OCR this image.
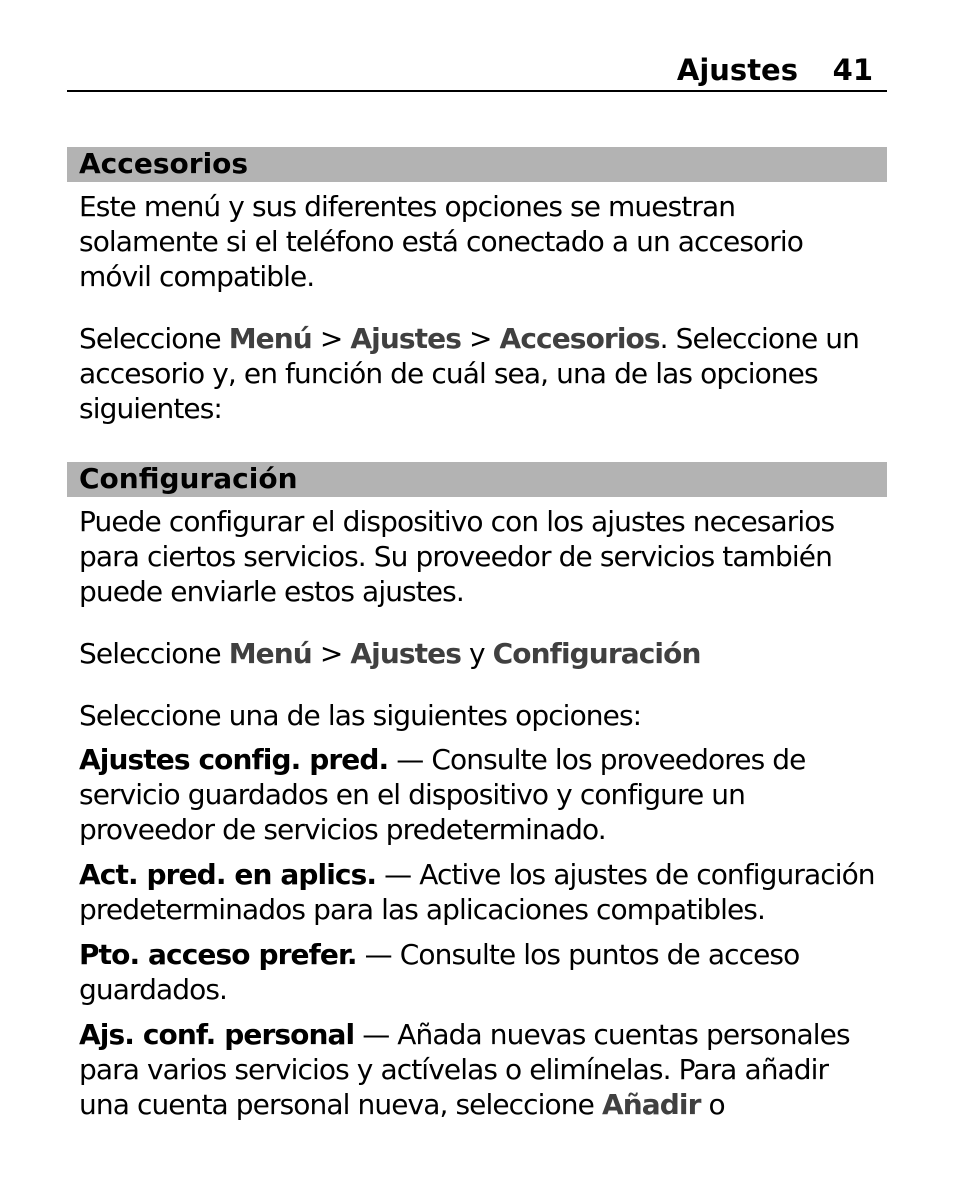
Ajustes 41
Accesorios

Este menú y sus diferentes opciones se muestran
solamente si el teléfono está conectado a un accesorio
móvil compatible.

Seleccione Menú > Ajustes > Accesorios. Seleccione un
accesorio y, en función de cuál sea, una de las opciones
siguientes:

Configuración

Puede configurar el dispositivo con los ajustes necesarios
para ciertos servicios. Su proveedor de servicios también
puede enviarle estos ajustes.

Seleccione Menú > Ajustes y Configuración

Seleccione una de las siguientes opciones:

Ajustes config. pred. — Consulte los proveedores de
servicio guardados en el dispositivo y configure un
proveedor de servicios predeterminado.

Act. pred. en aplics. — Active los ajustes de configuración
predeterminados para las aplicaciones compatibles.

Pto. acceso prefer. — Consulte los puntos de acceso
guardados.

Ajs. conf. personal — Añada nuevas cuentas personales
para varios servicios y actívelas o elimínelas. Para añadir
una cuenta personal nueva, seleccione Añadir o
